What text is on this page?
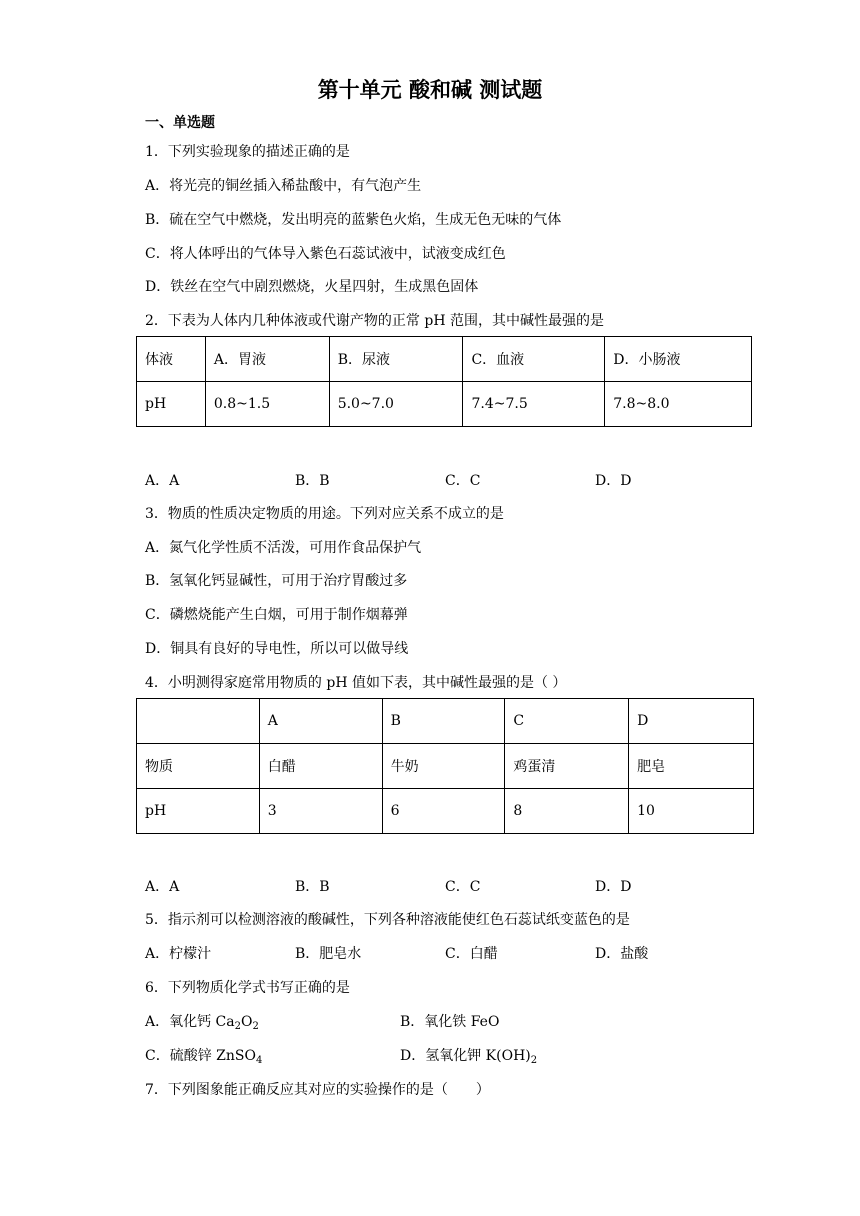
第十单元 酸和碱 测试题
一、单选题
1．下列实验现象的描述正确的是
A．将光亮的铜丝插入稀盐酸中，有气泡产生
B．硫在空气中燃烧，发出明亮的蓝紫色火焰，生成无色无味的气体
C．将人体呼出的气体导入紫色石蕊试液中，试液变成红色
D．铁丝在空气中剧烈燃烧，火星四射，生成黑色固体
2．下表为人体内几种体液或代谢产物的正常 pH 范围，其中碱性最强的是
体液	A．胃液	B．尿液	C．血液	D．小肠液
pH	0.8~1.5	5.0~7.0	7.4~7.5	7.8~8.0
A．A	B．B	C．C	D．D
3．物质的性质决定物质的用途。下列对应关系不成立的是
A．氮气化学性质不活泼，可用作食品保护气
B．氢氧化钙显碱性，可用于治疗胃酸过多
C．磷燃烧能产生白烟，可用于制作烟幕弹
D．铜具有良好的导电性，所以可以做导线
4．小明测得家庭常用物质的 pH 值如下表，其中碱性最强的是（ ）
	A	B	C	D
物质	白醋	牛奶	鸡蛋清	肥皂
pH	3	6	8	10
A．A	B．B	C．C	D．D
5．指示剂可以检测溶液的酸碱性，下列各种溶液能使红色石蕊试纸变蓝色的是
A．柠檬汁	B．肥皂水	C．白醋	D．盐酸
6．下列物质化学式书写正确的是
A．氧化钙 $Ca_2O_2$	B．氧化铁 FeO
C．硫酸锌 ZnSO$_4$	D．氢氧化钾 $K(OH)_2$
7．下列图象能正确反应其对应的实验操作的是（　　）
